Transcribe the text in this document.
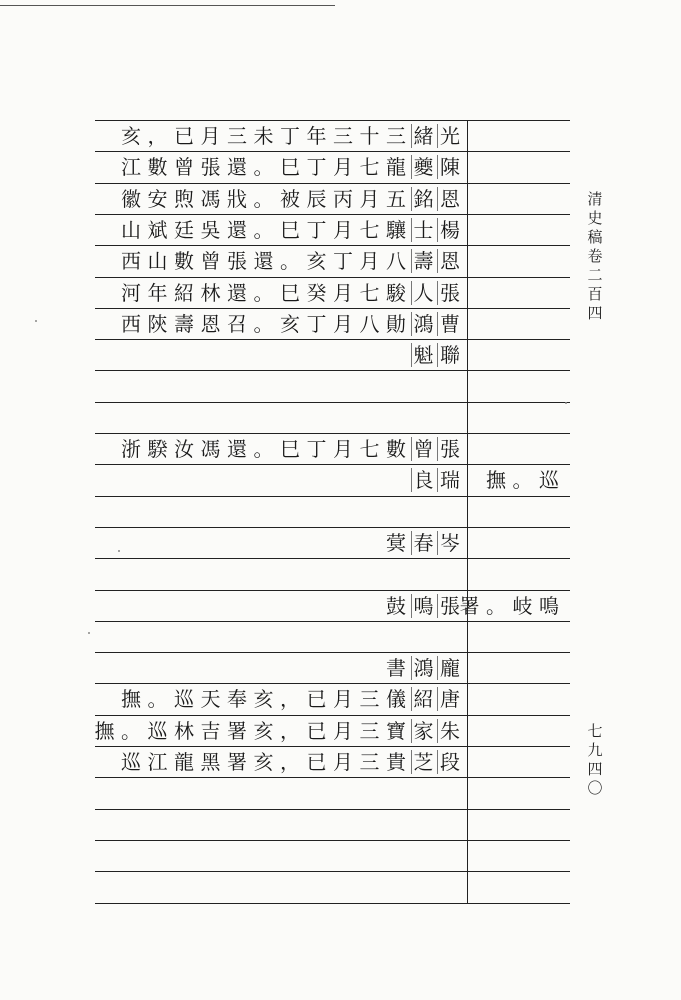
亥 ， 已 月 三 未 丁 年 三 十 三 緒 光
江 數 曾 張 還 。 巳 丁 月 七 龍 夔 陳
徽 安 煦 馮 戕 。 被 辰 丙 月 五 銘 恩
山 斌 廷 吳 還 。 巳 丁 月 七 驤 士 楊
西 山 數 曾 張 還 。 亥 丁 月 八 壽 恩
河 年 紹 林 還 。 巳 癸 月 七 駿 人 張
西 陝 壽 恩 召 。 亥 丁 月 八 勛 鴻 曹
魁 聯
浙 騤 汝 馮 還 。 巳 丁 月 七 數 曾 張
良 瑞 撫 。 巡
蓂 春 岑
鼓 鳴 張 署 。 岐 鳴
書 鴻 龐
撫 。 巡 天 奉 亥 ， 已 月 三 儀 紹 唐
撫 。 巡 林 吉 署 亥 ， 已 月 三 寶 家 朱
巡 江 龍 黑 署 亥 ， 已 月 三 貴 芝 段
清
史
稿
卷
二
百
四
七
九
四
〇
